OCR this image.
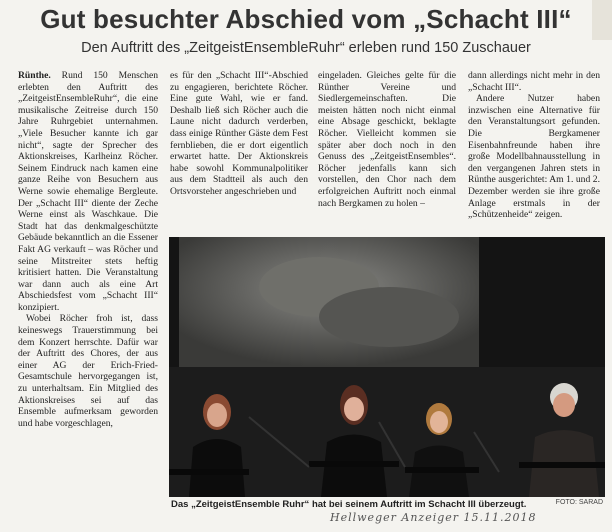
Gut besuchter Abschied vom „Schacht III“
Den Auftritt des „ZeitgeistEnsembleRuhr“ erleben rund 150 Zuschauer

Rünthe. Rund 150 Menschen erlebten den Auftritt des „ZeitgeistEnsembleRuhr“, die eine musikalische Zeitreise durch 150 Jahre Ruhrgebiet unternahmen. „Viele Besucher kannte ich gar nicht“, sagte der Sprecher des Aktionskreises, Karlheinz Röcher. Seinem Eindruck nach kamen eine ganze Reihe von Besuchern aus Werne sowie ehemalige Bergleute. Der „Schacht III“ diente der Zeche Werne einst als Waschkaue. Die Stadt hat das denkmalgeschützte Gebäude bekanntlich an die Essener Fakt AG verkauft – was Röcher und seine Mitstreiter stets heftig kritisiert hatten. Die Veranstaltung war dann auch als eine Art Abschiedsfest vom „Schacht III“ konzipiert.

Wobei Röcher froh ist, dass keineswegs Trauerstimmung bei dem Konzert herrschte. Dafür war der Auftritt des Chores, der aus einer AG der Erich-Fried-Gesamtschule hervorgegangen ist, zu unterhaltsam. Ein Mitglied des Aktionskreises sei auf das Ensemble aufmerksam geworden und habe vorgeschlagen,

es für den „Schacht III“-Abschied zu engagieren, berichtete Röcher. Eine gute Wahl, wie er fand. Deshalb ließ sich Röcher auch die Laune nicht dadurch verderben, dass einige Rünther Gäste dem Fest fernblieben, die er dort eigentlich erwartet hatte. Der Aktionskreis habe sowohl Kommunalpolitiker aus dem Stadtteil als auch den Ortsvorsteher angeschrieben und

eingeladen. Gleiches gelte für die Rünther Vereine und Siedlergemeinschaften. Die meisten hätten noch nicht einmal eine Absage geschickt, beklagte Röcher. Vielleicht kommen sie später aber doch noch in den Genuss des „ZeitgeistEnsembles“. Röcher jedenfalls kann sich vorstellen, den Chor nach dem erfolgreichen Auftritt noch einmal nach Bergkamen zu holen –

dann allerdings nicht mehr in den „Schacht III“.

Andere Nutzer haben inzwischen eine Alternative für den Veranstaltungsort gefunden. Die Bergkamener Eisenbahnfreunde haben ihre große Modellbahnausstellung in den vergangenen Jahren stets in Rünthe ausgerichtet: Am 1. und 2. Dezember werden sie ihre große Anlage erstmals in der „Schützenheide“ zeigen.

Das „ZeitgeistEnsemble Ruhr“ hat bei seinem Auftritt im Schacht III überzeugt.	FOTO: SARAD
Hellweger Anzeiger 15.11.2018
